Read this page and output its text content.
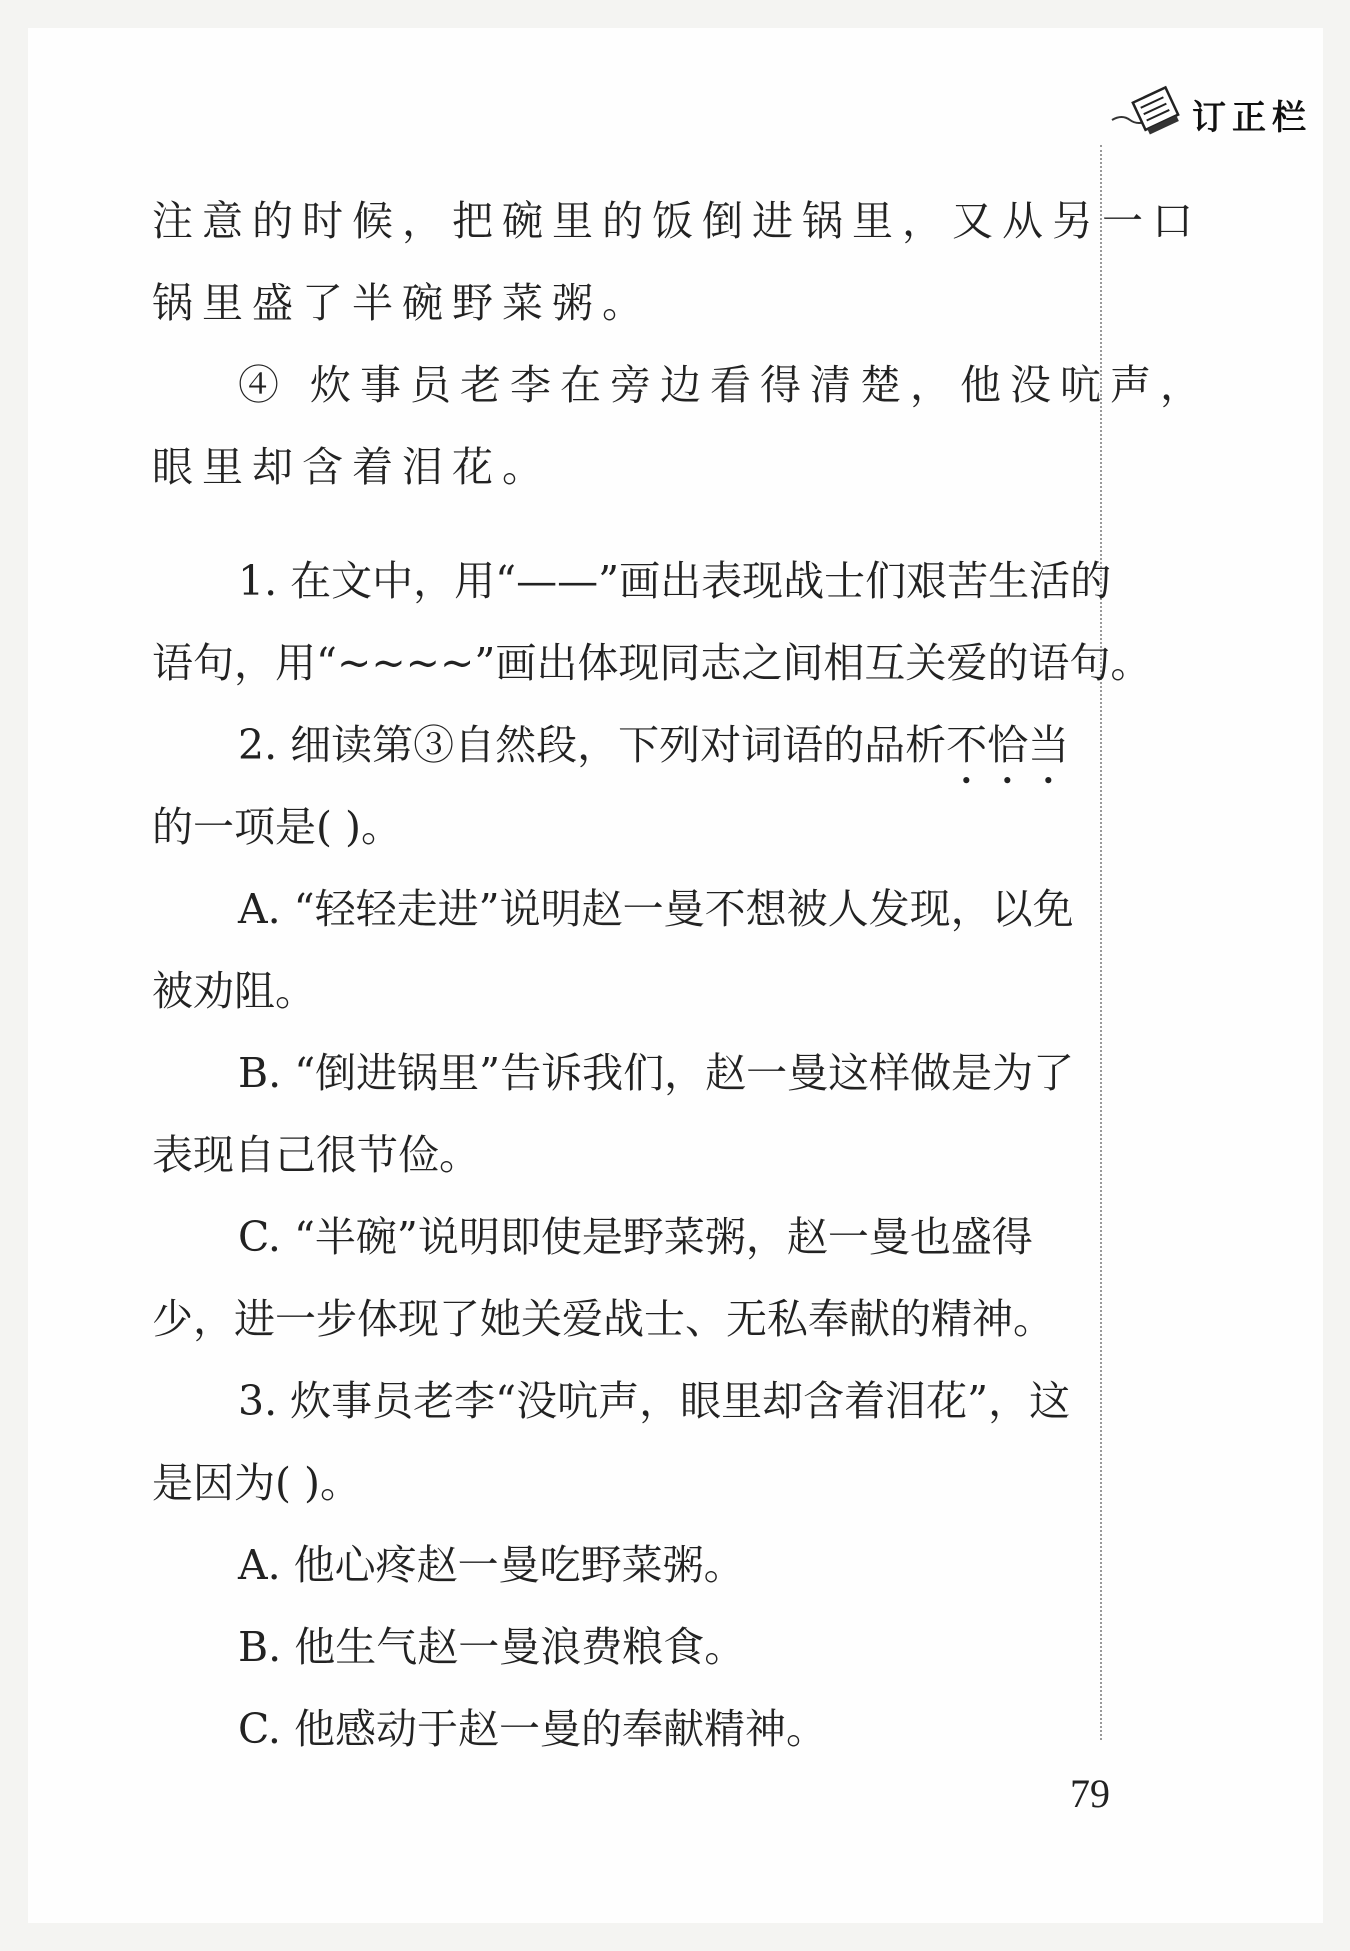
订正栏

注意的时候，把碗里的饭倒进锅里，又从另一口

锅里盛了半碗野菜粥。

④ 炊事员老李在旁边看得清楚，他没吭声，

眼里却含着泪花。

1. 在文中，用“——”画出表现战士们艰苦生活的

语句，用“~~~~”画出体现同志之间相互关爱的语句。

2. 细读第③自然段，下列对词语的品析不恰当

的一项是( )。

A. “轻轻走进”说明赵一曼不想被人发现，以免

被劝阻。

B. “倒进锅里”告诉我们，赵一曼这样做是为了

表现自己很节俭。

C. “半碗”说明即使是野菜粥，赵一曼也盛得

少，进一步体现了她关爱战士、无私奉献的精神。

3. 炊事员老李“没吭声，眼里却含着泪花”，这

是因为( )。

A. 他心疼赵一曼吃野菜粥。

B. 他生气赵一曼浪费粮食。

C. 他感动于赵一曼的奉献精神。

79
